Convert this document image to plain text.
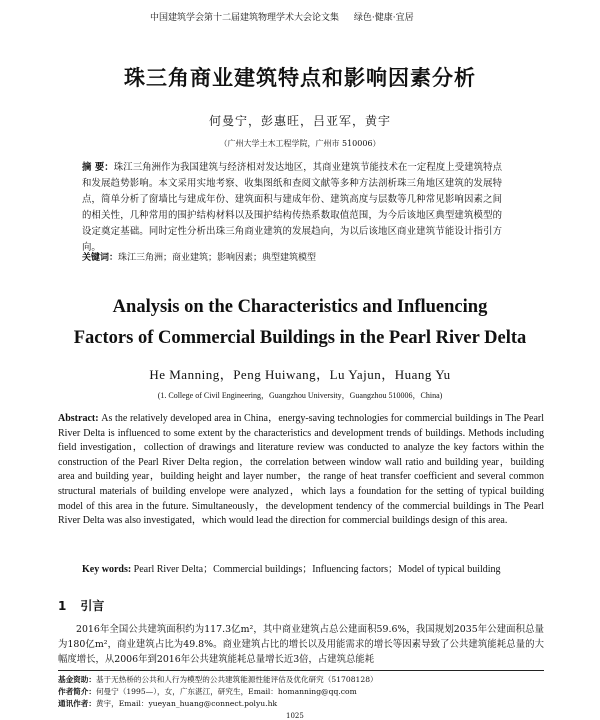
中国建筑学会第十二届建筑物理学术大会论文集 绿色·健康·宜居
珠三角商业建筑特点和影响因素分析
何曼宁，彭惠旺，吕亚军，黄宇
（广州大学土木工程学院，广州市 510006）
摘 要：珠江三角洲作为我国建筑与经济相对发达地区，其商业建筑节能技术在一定程度上受建筑特点和发展趋势影响。本文采用实地考察、收集图纸和查阅文献等多种方法剖析珠三角地区建筑的发展特点，简单分析了窗墙比与建成年份、建筑面积与建成年份、建筑高度与层数等几种常见影响因素之间的相关性，几种常用的围护结构材料以及围护结构传热系数取值范围，为今后该地区典型建筑模型的设定奠定基础。同时定性分析出珠三角商业建筑的发展趋向，为以后该地区商业建筑节能设计指引方向。
关键词：珠江三角洲；商业建筑；影响因素；典型建筑模型
Analysis on the Characteristics and Influencing
Factors of Commercial Buildings in the Pearl River Delta
He Manning，Peng Huiwang，Lu Yajun，Huang Yu
(1. College of Civil Engineering，Guangzhou University，Guangzhou 510006，China)
Abstract: As the relatively developed area in China，energy-saving technologies for commercial buildings in The Pearl River Delta is influenced to some extent by the characteristics and development trends of buildings. Methods including field investigation，collection of drawings and literature review was conducted to analyze the key factors within the construction of the Pearl River Delta region，the correlation between window wall ratio and building year，building area and building year，building height and layer number，the range of heat transfer coefficient and several common structural materials of building envelope were analyzed，which lays a foundation for the setting of typical building model of this area in the future. Simultaneously，the development tendency of the commercial buildings in The Pearl River Delta was also investigated，which would lead the direction for commercial buildings design of this area.
Key words: Pearl River Delta；Commercial buildings；Influencing factors；Model of typical building
1 引言
2016年全国公共建筑面积约为117.3亿m²，其中商业建筑占总公建面积59.6%，我国规划2035年公建面积总量为180亿m²，商业建筑占比为49.8%。商业建筑占比的增长以及用能需求的增长等因素导致了公共建筑能耗总量的大幅度增长，从2006年到2016年公共建筑能耗总量增长近3倍，占建筑总能耗
基金资助：基于无热桥的公共和人行为模型的公共建筑能源性能评估及优化研究（51708128）
作者简介：何曼宁（1995—），女，广东湛江，研究生，Email：homanning@qq.com
通讯作者：黄宇，Email：yueyan_huang@connect.polyu.hk
1025
